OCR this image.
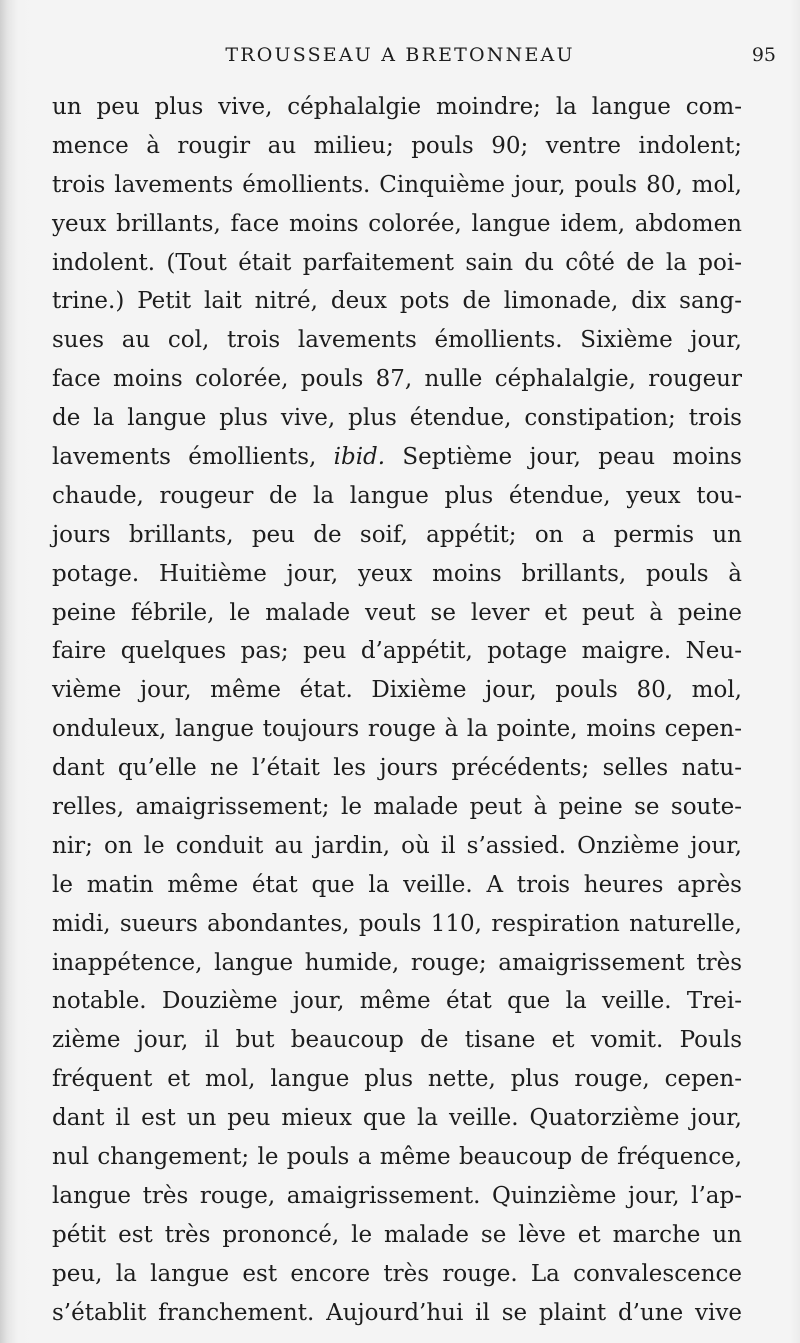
TROUSSEAU A BRETONNEAU	95
un peu plus vive, céphalalgie moindre; la langue com-
mence à rougir au milieu; pouls 90; ventre indolent;
trois lavements émollients. Cinquième jour, pouls 80, mol,
yeux brillants, face moins colorée, langue idem, abdomen
indolent. (Tout était parfaitement sain du côté de la poi-
trine.) Petit lait nitré, deux pots de limonade, dix sang-
sues au col, trois lavements émollients. Sixième jour,
face moins colorée, pouls 87, nulle céphalalgie, rougeur
de la langue plus vive, plus étendue, constipation; trois
lavements émollients, ibid. Septième jour, peau moins
chaude, rougeur de la langue plus étendue, yeux tou-
jours brillants, peu de soif, appétit; on a permis un
potage. Huitième jour, yeux moins brillants, pouls à
peine fébrile, le malade veut se lever et peut à peine
faire quelques pas; peu d’appétit, potage maigre. Neu-
vième jour, même état. Dixième jour, pouls 80, mol,
onduleux, langue toujours rouge à la pointe, moins cepen-
dant qu’elle ne l’était les jours précédents; selles natu-
relles, amaigrissement; le malade peut à peine se soute-
nir; on le conduit au jardin, où il s’assied. Onzième jour,
le matin même état que la veille. A trois heures après
midi, sueurs abondantes, pouls 110, respiration naturelle,
inappétence, langue humide, rouge; amaigrissement très
notable. Douzième jour, même état que la veille. Trei-
zième jour, il but beaucoup de tisane et vomit. Pouls
fréquent et mol, langue plus nette, plus rouge, cepen-
dant il est un peu mieux que la veille. Quatorzième jour,
nul changement; le pouls a même beaucoup de fréquence,
langue très rouge, amaigrissement. Quinzième jour, l’ap-
pétit est très prononcé, le malade se lève et marche un
peu, la langue est encore très rouge. La convalescence
s’établit franchement. Aujourd’hui il se plaint d’une vive
